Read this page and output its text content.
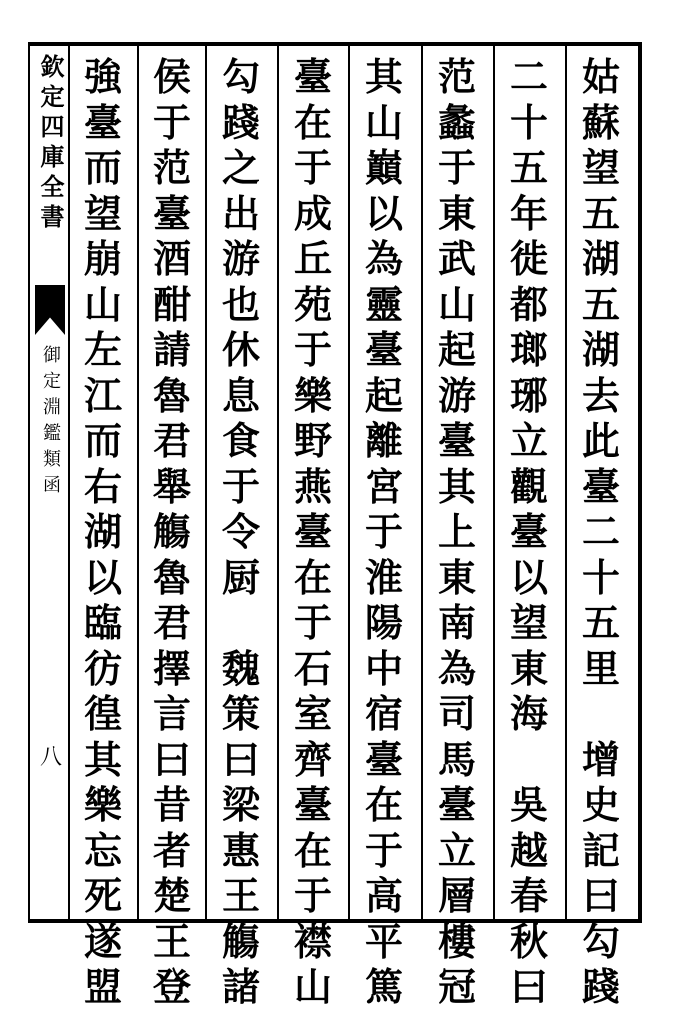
欽定四庫全書
御定淵鑑類函
八
姑
蘇
望
五
湖
五
湖
去
此
臺
二
十
五
里
增
史
記
曰
勾
踐
二
十
五
年
徙
都
瑯
琊
立
觀
臺
以
望
東
海
吳
越
春
秋
曰
范
蠡
于
東
武
山
起
游
臺
其
上
東
南
為
司
馬
臺
立
層
樓
冠
其
山
巔
以
為
靈
臺
起
離
宮
于
淮
陽
中
宿
臺
在
于
高
平
篤
臺
在
于
成
丘
苑
于
樂
野
燕
臺
在
于
石
室
齊
臺
在
于
襟
山
勾
踐
之
出
游
也
休
息
食
于
令
厨
魏
策
曰
梁
惠
王
觴
諸
侯
于
范
臺
酒
酣
請
魯
君
舉
觴
魯
君
擇
言
曰
昔
者
楚
王
登
強
臺
而
望
崩
山
左
江
而
右
湖
以
臨
彷
徨
其
樂
忘
死
遂
盟
